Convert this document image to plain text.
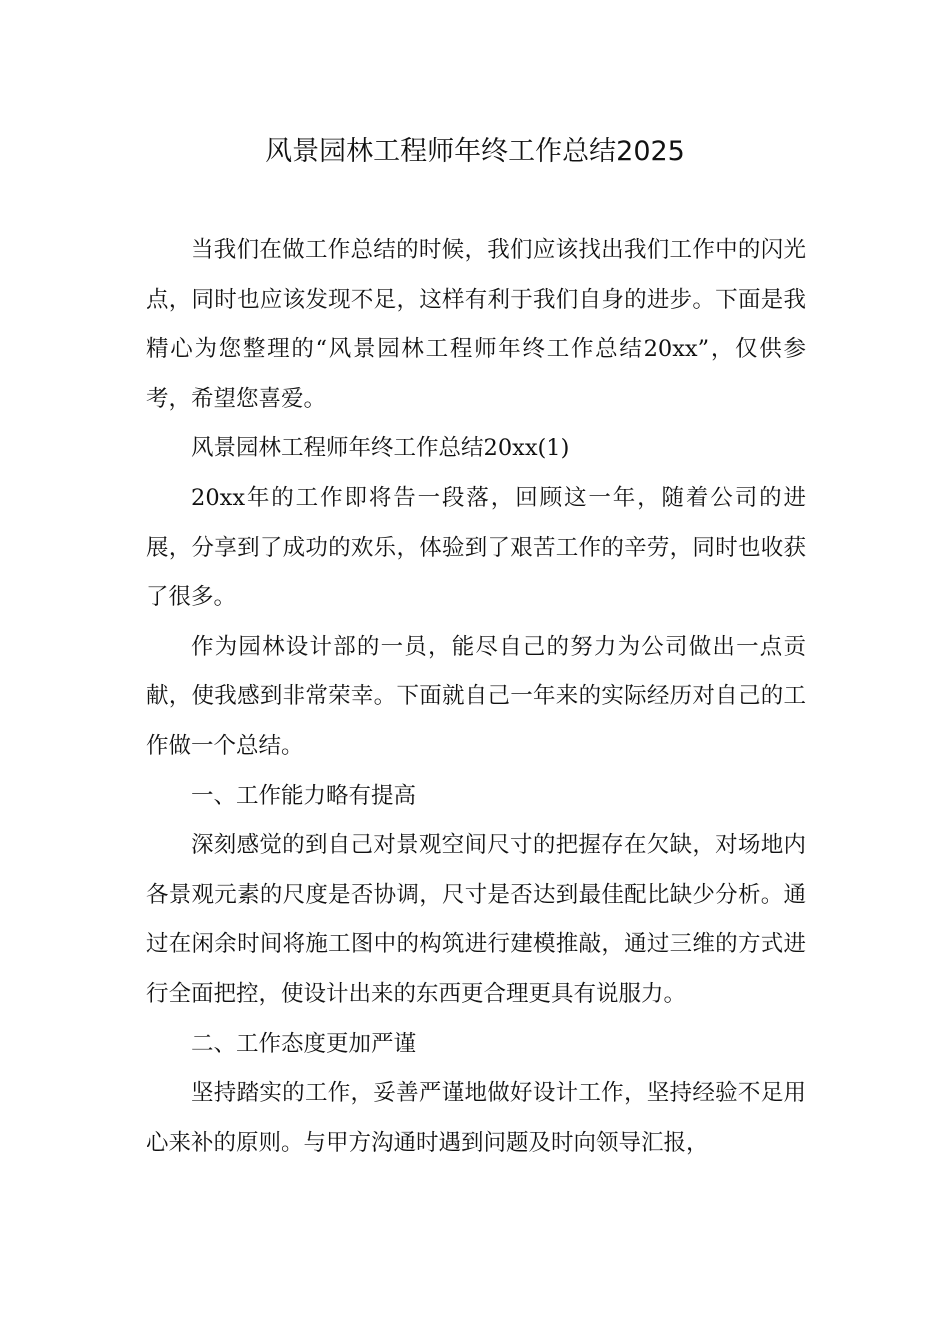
风景园林工程师年终工作总结2025

当我们在做工作总结的时候，我们应该找出我们工作中的闪光点，同时也应该发现不足，这样有利于我们自身的进步。下面是我精心为您整理的“风景园林工程师年终工作总结20xx”，仅供参考，希望您喜爱。

风景园林工程师年终工作总结20xx(1)

20xx年的工作即将告一段落，回顾这一年，随着公司的进展，分享到了成功的欢乐，体验到了艰苦工作的辛劳，同时也收获了很多。

作为园林设计部的一员，能尽自己的努力为公司做出一点贡献，使我感到非常荣幸。下面就自己一年来的实际经历对自己的工作做一个总结。

一、工作能力略有提高

深刻感觉的到自己对景观空间尺寸的把握存在欠缺，对场地内各景观元素的尺度是否协调，尺寸是否达到最佳配比缺少分析。通过在闲余时间将施工图中的构筑进行建模推敲，通过三维的方式进行全面把控，使设计出来的东西更合理更具有说服力。

二、工作态度更加严谨

坚持踏实的工作，妥善严谨地做好设计工作，坚持经验不足用心来补的原则。与甲方沟通时遇到问题及时向领导汇报，
